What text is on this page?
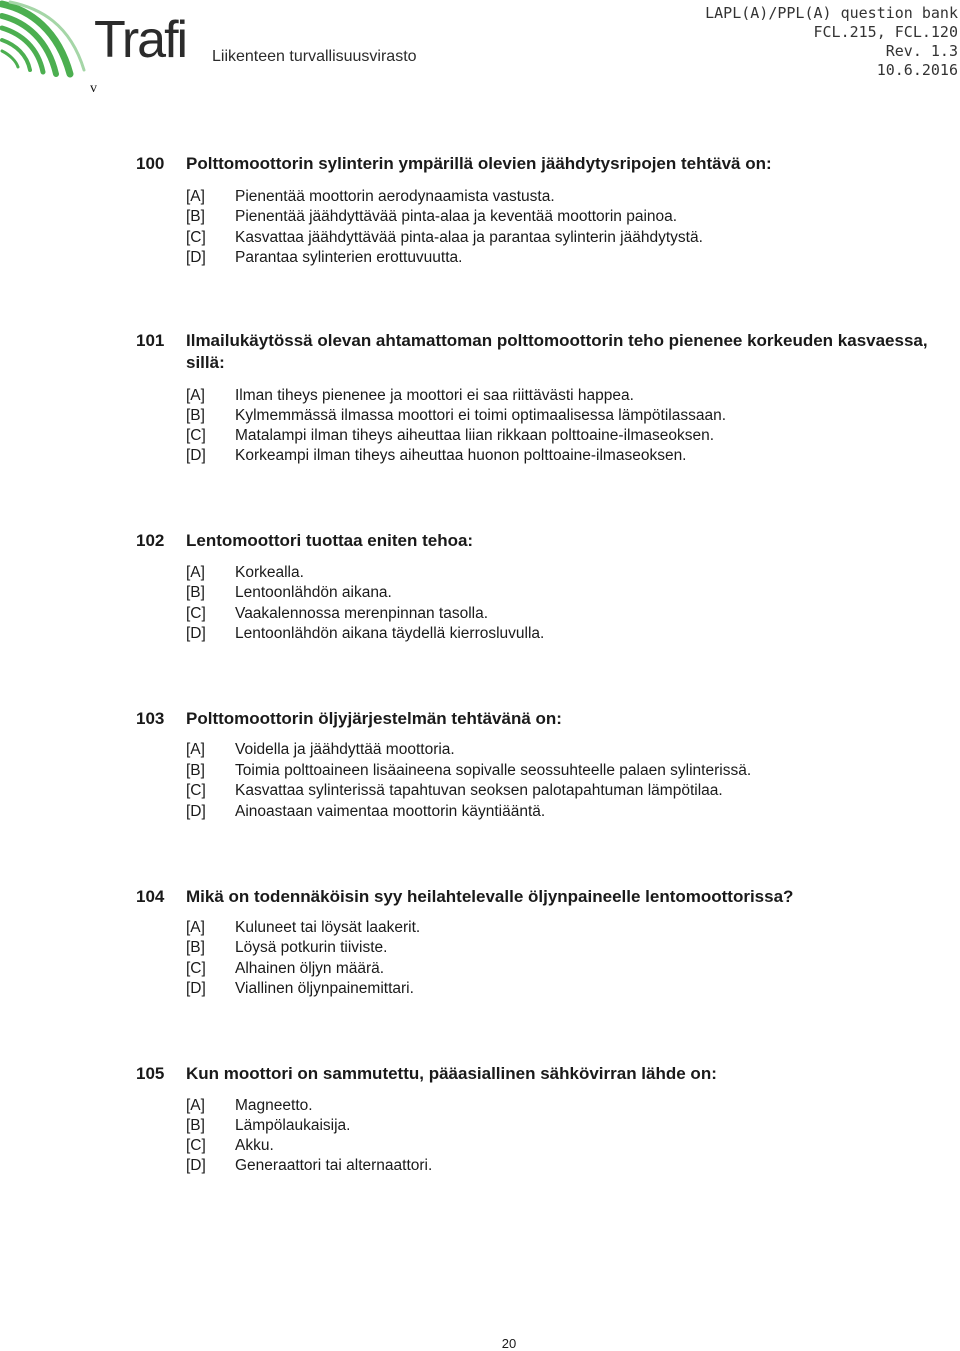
Trafi Liikenteen turvallisuusvirasto
v
LAPL(A)/PPL(A) question bank
FCL.215, FCL.120
Rev. 1.3
10.6.2016
100 Polttomoottorin sylinterin ympärillä olevien jäähdytysripojen tehtävä on:
[A] Pienentää moottorin aerodynaamista vastusta.
[B] Pienentää jäähdyttävää pinta-alaa ja keventää moottorin painoa.
[C] Kasvattaa jäähdyttävää pinta-alaa ja parantaa sylinterin jäähdytystä.
[D] Parantaa sylinterien erottuvuutta.
101 Ilmailukäytössä olevan ahtamattoman polttomoottorin teho pienenee korkeuden kasvaessa, sillä:
[A] Ilman tiheys pienenee ja moottori ei saa riittävästi happea.
[B] Kylmemmässä ilmassa moottori ei toimi optimaalisessa lämpötilassaan.
[C] Matalampi ilman tiheys aiheuttaa liian rikkaan polttoaine-ilmaseoksen.
[D] Korkeampi ilman tiheys aiheuttaa huonon polttoaine-ilmaseoksen.
102 Lentomoottori tuottaa eniten tehoa:
[A] Korkealla.
[B] Lentoonlähdön aikana.
[C] Vaakalennossa merenpinnan tasolla.
[D] Lentoonlähdön aikana täydellä kierrosluvulla.
103 Polttomoottorin öljyjärjestelmän tehtävänä on:
[A] Voidella ja jäähdyttää moottoria.
[B] Toimia polttoaineen lisäaineena sopivalle seossuhteelle palaen sylinterissä.
[C] Kasvattaa sylinterissä tapahtuvan seoksen palotapahtuman lämpötilaa.
[D] Ainoastaan vaimentaa moottorin käyntiääntä.
104 Mikä on todennäköisin syy heilahtelevalle öljynpaineelle lentomoottorissa?
[A] Kuluneet tai löysät laakerit.
[B] Löysä potkurin tiiviste.
[C] Alhainen öljyn määrä.
[D] Viallinen öljynpainemittari.
105 Kun moottori on sammutettu, pääasiallinen sähkövirran lähde on:
[A] Magneetto.
[B] Lämpölaukaisija.
[C] Akku.
[D] Generaattori tai alternaattori.
20
